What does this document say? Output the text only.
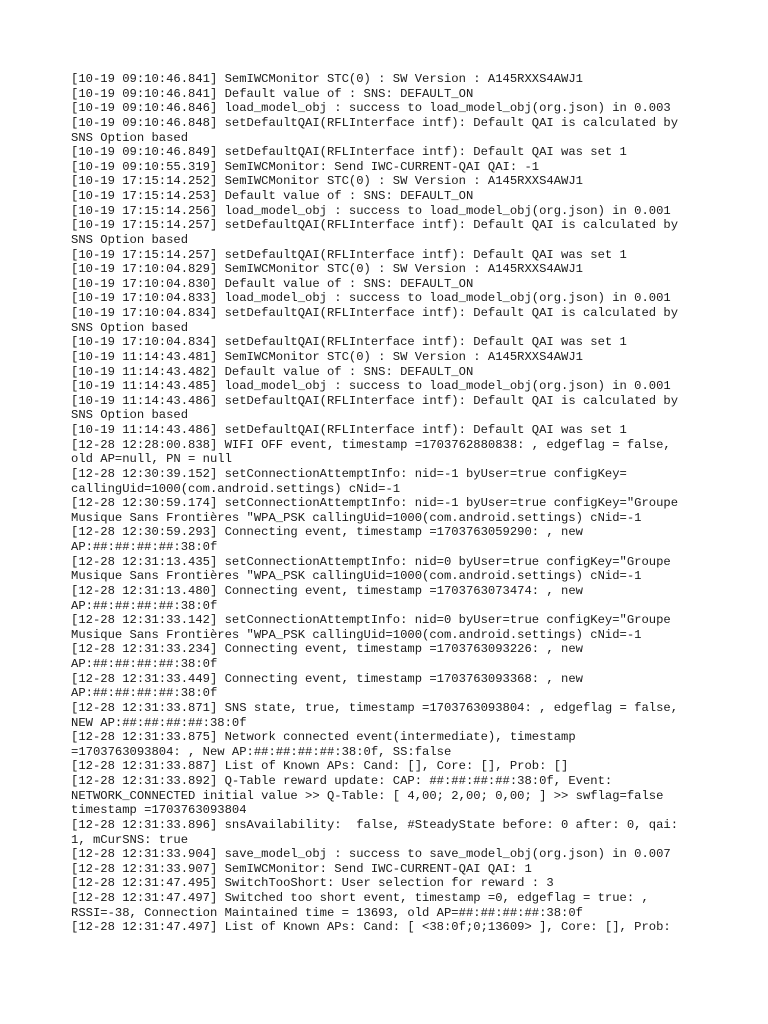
[10-19 09:10:46.841] SemIWCMonitor STC(0) : SW Version : A145RXXS4AWJ1
[10-19 09:10:46.841] Default value of : SNS: DEFAULT_ON
[10-19 09:10:46.846] load_model_obj : success to load_model_obj(org.json) in 0.003
[10-19 09:10:46.848] setDefaultQAI(RFLInterface intf): Default QAI is calculated by
SNS Option based
[10-19 09:10:46.849] setDefaultQAI(RFLInterface intf): Default QAI was set 1
[10-19 09:10:55.319] SemIWCMonitor: Send IWC-CURRENT-QAI QAI: -1
[10-19 17:15:14.252] SemIWCMonitor STC(0) : SW Version : A145RXXS4AWJ1
[10-19 17:15:14.253] Default value of : SNS: DEFAULT_ON
[10-19 17:15:14.256] load_model_obj : success to load_model_obj(org.json) in 0.001
[10-19 17:15:14.257] setDefaultQAI(RFLInterface intf): Default QAI is calculated by
SNS Option based
[10-19 17:15:14.257] setDefaultQAI(RFLInterface intf): Default QAI was set 1
[10-19 17:10:04.829] SemIWCMonitor STC(0) : SW Version : A145RXXS4AWJ1
[10-19 17:10:04.830] Default value of : SNS: DEFAULT_ON
[10-19 17:10:04.833] load_model_obj : success to load_model_obj(org.json) in 0.001
[10-19 17:10:04.834] setDefaultQAI(RFLInterface intf): Default QAI is calculated by
SNS Option based
[10-19 17:10:04.834] setDefaultQAI(RFLInterface intf): Default QAI was set 1
[10-19 11:14:43.481] SemIWCMonitor STC(0) : SW Version : A145RXXS4AWJ1
[10-19 11:14:43.482] Default value of : SNS: DEFAULT_ON
[10-19 11:14:43.485] load_model_obj : success to load_model_obj(org.json) in 0.001
[10-19 11:14:43.486] setDefaultQAI(RFLInterface intf): Default QAI is calculated by
SNS Option based
[10-19 11:14:43.486] setDefaultQAI(RFLInterface intf): Default QAI was set 1
[12-28 12:28:00.838] WIFI OFF event, timestamp =1703762880838: , edgeflag = false,
old AP=null, PN = null
[12-28 12:30:39.152] setConnectionAttemptInfo: nid=-1 byUser=true configKey=
callingUid=1000(com.android.settings) cNid=-1
[12-28 12:30:59.174] setConnectionAttemptInfo: nid=-1 byUser=true configKey="Groupe
Musique Sans Frontières "WPA_PSK callingUid=1000(com.android.settings) cNid=-1
[12-28 12:30:59.293] Connecting event, timestamp =1703763059290: , new
AP:##:##:##:##:38:0f
[12-28 12:31:13.435] setConnectionAttemptInfo: nid=0 byUser=true configKey="Groupe
Musique Sans Frontières "WPA_PSK callingUid=1000(com.android.settings) cNid=-1
[12-28 12:31:13.480] Connecting event, timestamp =1703763073474: , new
AP:##:##:##:##:38:0f
[12-28 12:31:33.142] setConnectionAttemptInfo: nid=0 byUser=true configKey="Groupe
Musique Sans Frontières "WPA_PSK callingUid=1000(com.android.settings) cNid=-1
[12-28 12:31:33.234] Connecting event, timestamp =1703763093226: , new
AP:##:##:##:##:38:0f
[12-28 12:31:33.449] Connecting event, timestamp =1703763093368: , new
AP:##:##:##:##:38:0f
[12-28 12:31:33.871] SNS state, true, timestamp =1703763093804: , edgeflag = false,
NEW AP:##:##:##:##:38:0f
[12-28 12:31:33.875] Network connected event(intermediate), timestamp
=1703763093804: , New AP:##:##:##:##:38:0f, SS:false
[12-28 12:31:33.887] List of Known APs: Cand: [], Core: [], Prob: []
[12-28 12:31:33.892] Q-Table reward update: CAP: ##:##:##:##:38:0f, Event:
NETWORK_CONNECTED initial value >> Q-Table: [ 4,00; 2,00; 0,00; ] >> swflag=false
timestamp =1703763093804
[12-28 12:31:33.896] snsAvailability:  false, #SteadyState before: 0 after: 0, qai:
1, mCurSNS: true
[12-28 12:31:33.904] save_model_obj : success to save_model_obj(org.json) in 0.007
[12-28 12:31:33.907] SemIWCMonitor: Send IWC-CURRENT-QAI QAI: 1
[12-28 12:31:47.495] SwitchTooShort: User selection for reward : 3
[12-28 12:31:47.497] Switched too short event, timestamp =0, edgeflag = true: ,
RSSI=-38, Connection Maintained time = 13693, old AP=##:##:##:##:38:0f
[12-28 12:31:47.497] List of Known APs: Cand: [ <38:0f;0;13609> ], Core: [], Prob:
